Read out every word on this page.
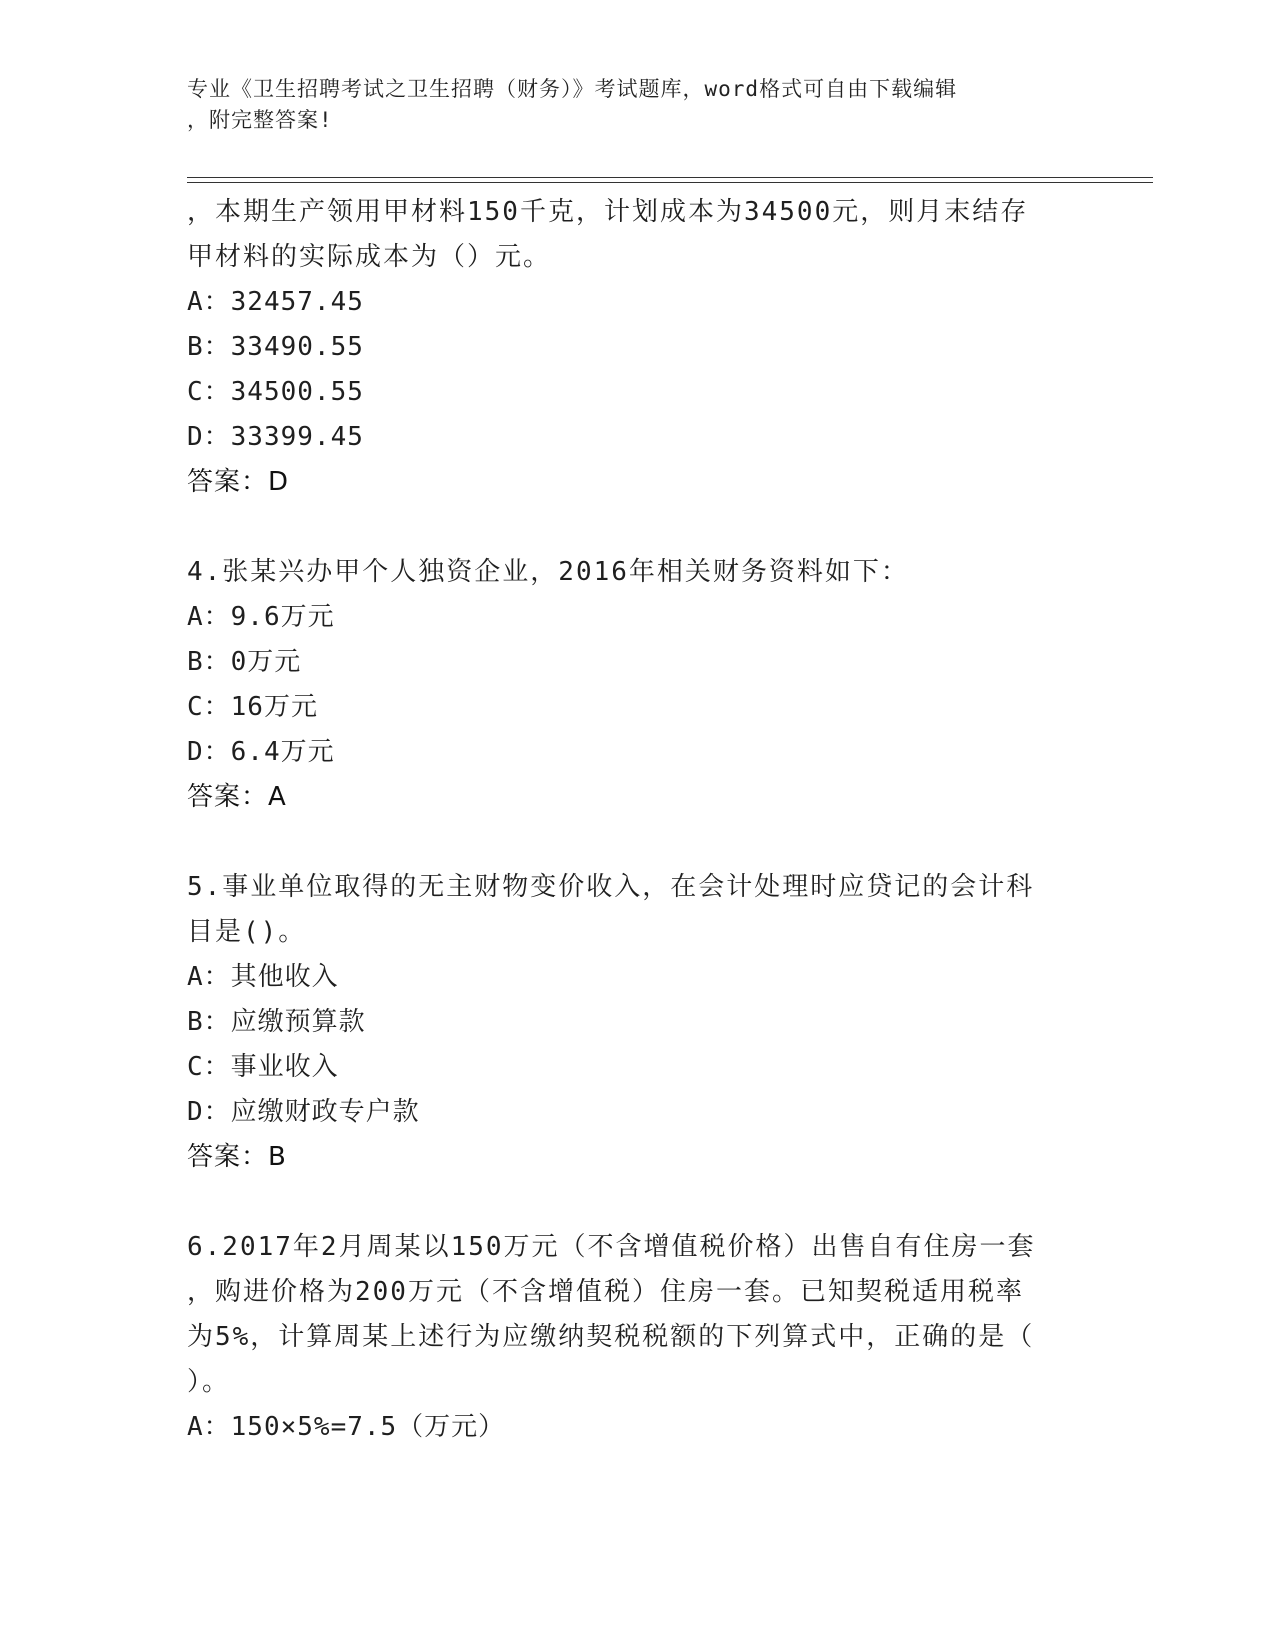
专业《卫生招聘考试之卫生招聘（财务）》考试题库，word格式可自由下载编辑
，附完整答案!
，本期生产领用甲材料150千克，计划成本为34500元，则月末结存
甲材料的实际成本为（）元。
A：32457.45
B：33490.55
C：34500.55
D：33399.45
答案：D
4.张某兴办甲个人独资企业，2016年相关财务资料如下：
A：9.6万元
B：0万元
C：16万元
D：6.4万元
答案：A
5.事业单位取得的无主财物变价收入，在会计处理时应贷记的会计科
目是()。
A：其他收入
B：应缴预算款
C：事业收入
D：应缴财政专户款
答案：B
6.2017年2月周某以150万元（不含增值税价格）出售自有住房一套
，购进价格为200万元（不含增值税）住房一套。已知契税适用税率
为5%，计算周某上述行为应缴纳契税税额的下列算式中，正确的是（
）。
A：150×5%=7.5（万元）
